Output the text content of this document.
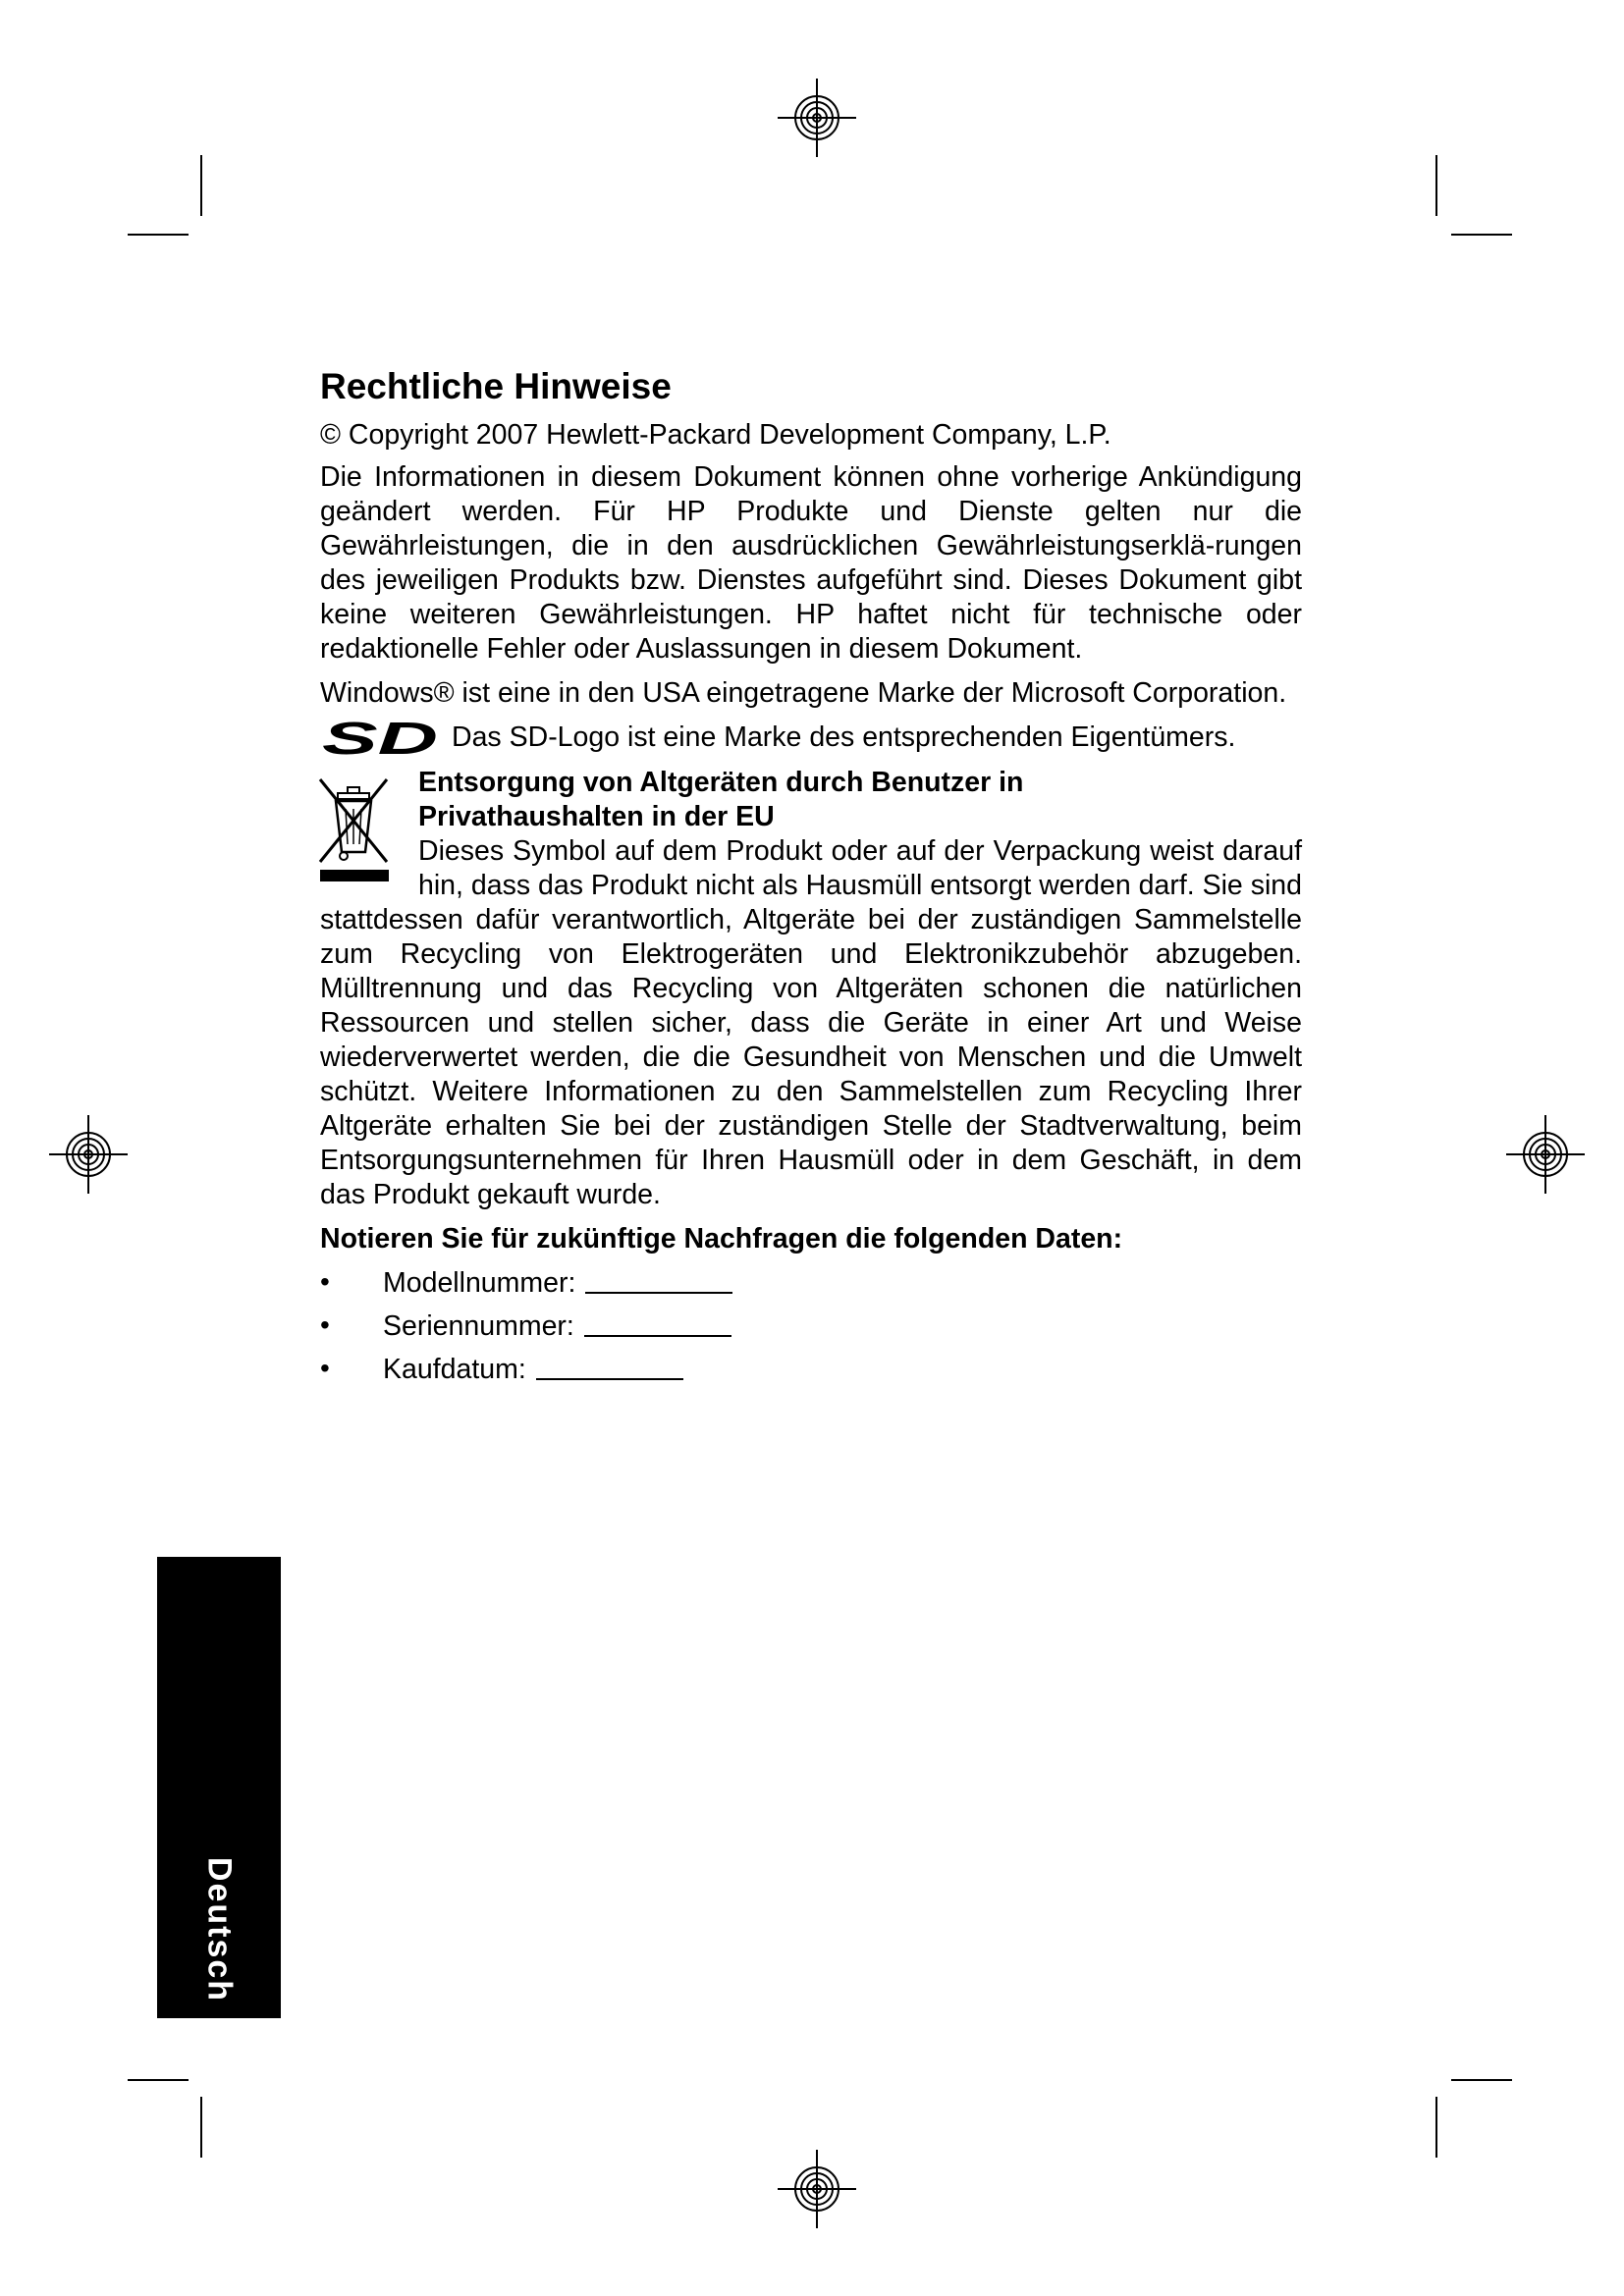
Rechtliche Hinweise

© Copyright 2007 Hewlett-Packard Development Company, L.P.

Die Informationen in diesem Dokument können ohne vorherige Ankündigung geändert werden. Für HP Produkte und Dienste gelten nur die Gewährleistungen, die in den ausdrücklichen Gewährleistungserklä-rungen des jeweiligen Produkts bzw. Dienstes aufgeführt sind. Dieses Dokument gibt keine weiteren Gewährleistungen. HP haftet nicht für technische oder redaktionelle Fehler oder Auslassungen in diesem Dokument.

Windows® ist eine in den USA eingetragene Marke der Microsoft Corporation.

SD Das SD-Logo ist eine Marke des entsprechenden Eigentümers.
Entsorgung von Altgeräten durch Benutzer in
Privathaushalten in der EU

Dieses Symbol auf dem Produkt oder auf der Verpackung weist darauf hin, dass das Produkt nicht als Hausmüll entsorgt werden darf. Sie sind stattdessen dafür verantwortlich, Altgeräte bei der zuständigen Sammelstelle zum Recycling von Elektrogeräten und Elektronikzubehör abzugeben. Mülltrennung und das Recycling von Altgeräten schonen die natürlichen Ressourcen und stellen sicher, dass die Geräte in einer Art und Weise wiederverwertet werden, die die Gesundheit von Menschen und die Umwelt schützt. Weitere Informationen zu den Sammelstellen zum Recycling Ihrer Altgeräte erhalten Sie bei der zuständigen Stelle der Stadtverwaltung, beim Entsorgungsunternehmen für Ihren Hausmüll oder in dem Geschäft, in dem das Produkt gekauft wurde.

Notieren Sie für zukünftige Nachfragen die folgenden Daten:
• Modellnummer:
• Seriennummer:
• Kaufdatum:
Deutsch
